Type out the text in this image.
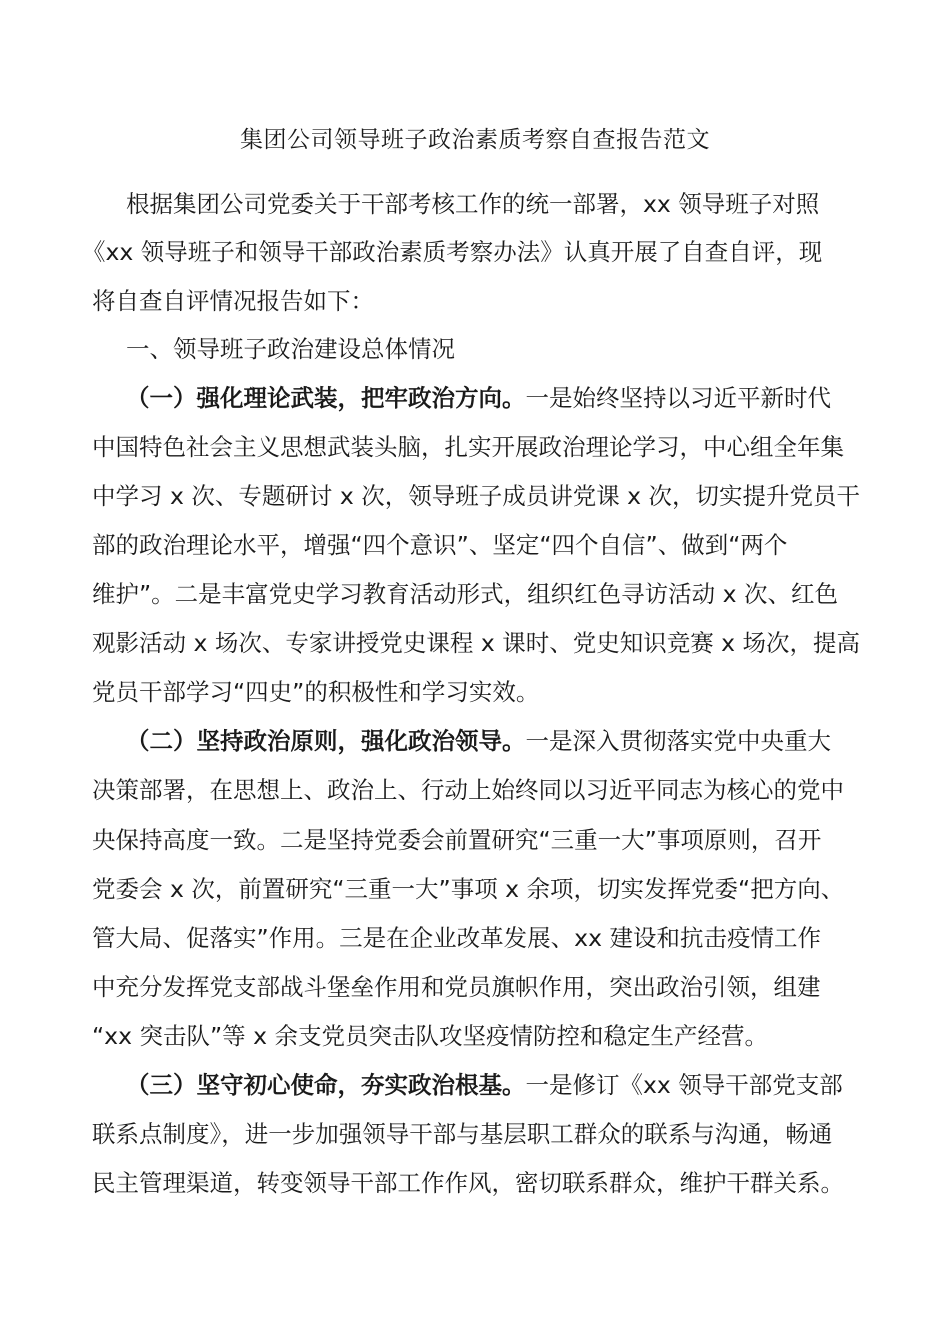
集团公司领导班子政治素质考察自查报告范文
根据集团公司党委关于干部考核工作的统一部署，xx 领导班子对照
《xx 领导班子和领导干部政治素质考察办法》认真开展了自查自评，现
将自查自评情况报告如下：
一、领导班子政治建设总体情况
（一）强化理论武装，把牢政治方向。一是始终坚持以习近平新时代
中国特色社会主义思想武装头脑，扎实开展政治理论学习，中心组全年集
中学习 x 次、专题研讨 x 次，领导班子成员讲党课 x 次，切实提升党员干
部的政治理论水平，增强“四个意识”、坚定“四个自信”、做到“两个
维护”。二是丰富党史学习教育活动形式，组织红色寻访活动 x 次、红色
观影活动 x 场次、专家讲授党史课程 x 课时、党史知识竞赛 x 场次，提高
党员干部学习“四史”的积极性和学习实效。
（二）坚持政治原则，强化政治领导。一是深入贯彻落实党中央重大
决策部署，在思想上、政治上、行动上始终同以习近平同志为核心的党中
央保持高度一致。二是坚持党委会前置研究“三重一大”事项原则，召开
党委会 x 次，前置研究“三重一大”事项 x 余项，切实发挥党委“把方向、
管大局、促落实”作用。三是在企业改革发展、xx 建设和抗击疫情工作
中充分发挥党支部战斗堡垒作用和党员旗帜作用，突出政治引领，组建
“xx 突击队”等 x 余支党员突击队攻坚疫情防控和稳定生产经营。
（三）坚守初心使命，夯实政治根基。一是修订《xx 领导干部党支部
联系点制度》，进一步加强领导干部与基层职工群众的联系与沟通，畅通
民主管理渠道，转变领导干部工作作风，密切联系群众，维护干群关系。
